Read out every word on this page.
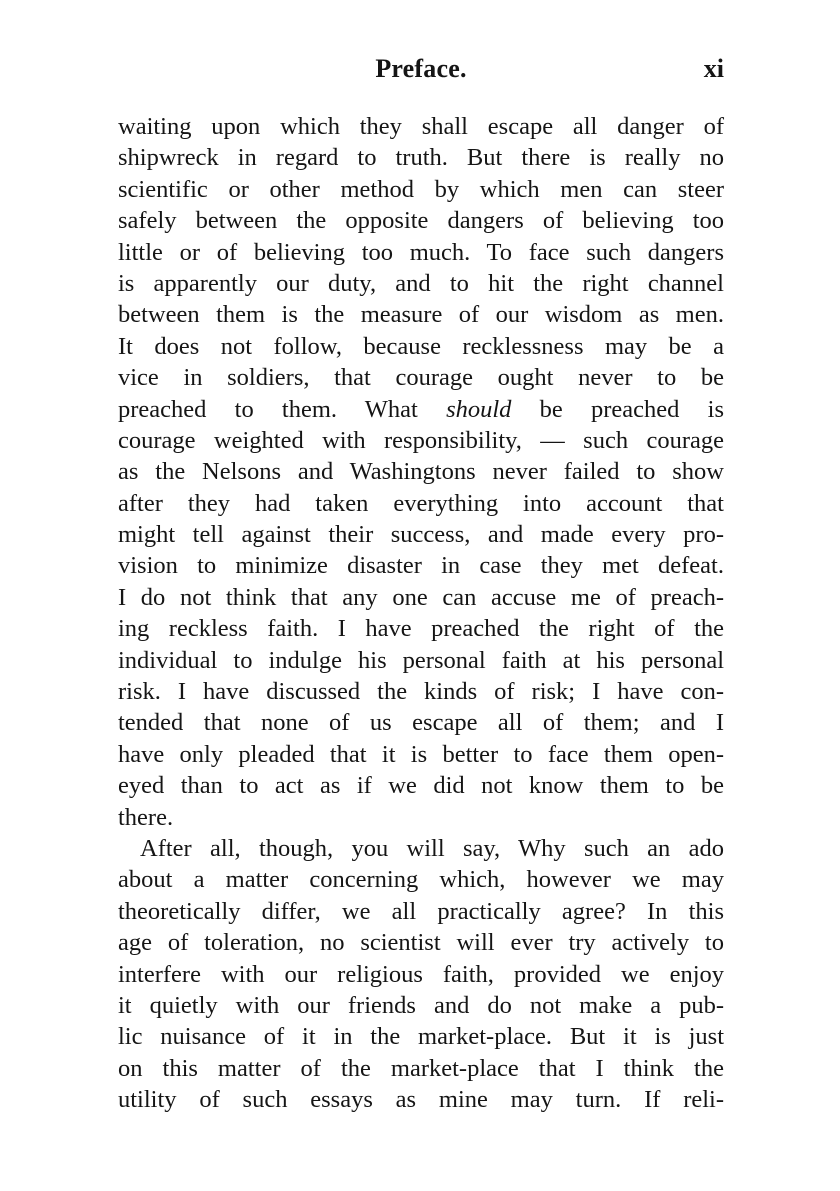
Preface.	xi
waiting upon which they shall escape all danger of
shipwreck in regard to truth. But there is really no
scientific or other method by which men can steer
safely between the opposite dangers of believing too
little or of believing too much. To face such dangers
is apparently our duty, and to hit the right channel
between them is the measure of our wisdom as men.
It does not follow, because recklessness may be a
vice in soldiers, that courage ought never to be
preached to them. What should be preached is
courage weighted with responsibility, — such courage
as the Nelsons and Washingtons never failed to show
after they had taken everything into account that
might tell against their success, and made every pro-
vision to minimize disaster in case they met defeat.
I do not think that any one can accuse me of preach-
ing reckless faith. I have preached the right of the
individual to indulge his personal faith at his personal
risk. I have discussed the kinds of risk; I have con-
tended that none of us escape all of them; and I
have only pleaded that it is better to face them open-
eyed than to act as if we did not know them to be
there.
After all, though, you will say, Why such an ado
about a matter concerning which, however we may
theoretically differ, we all practically agree? In this
age of toleration, no scientist will ever try actively to
interfere with our religious faith, provided we enjoy
it quietly with our friends and do not make a pub-
lic nuisance of it in the market-place. But it is just
on this matter of the market-place that I think the
utility of such essays as mine may turn. If reli-
